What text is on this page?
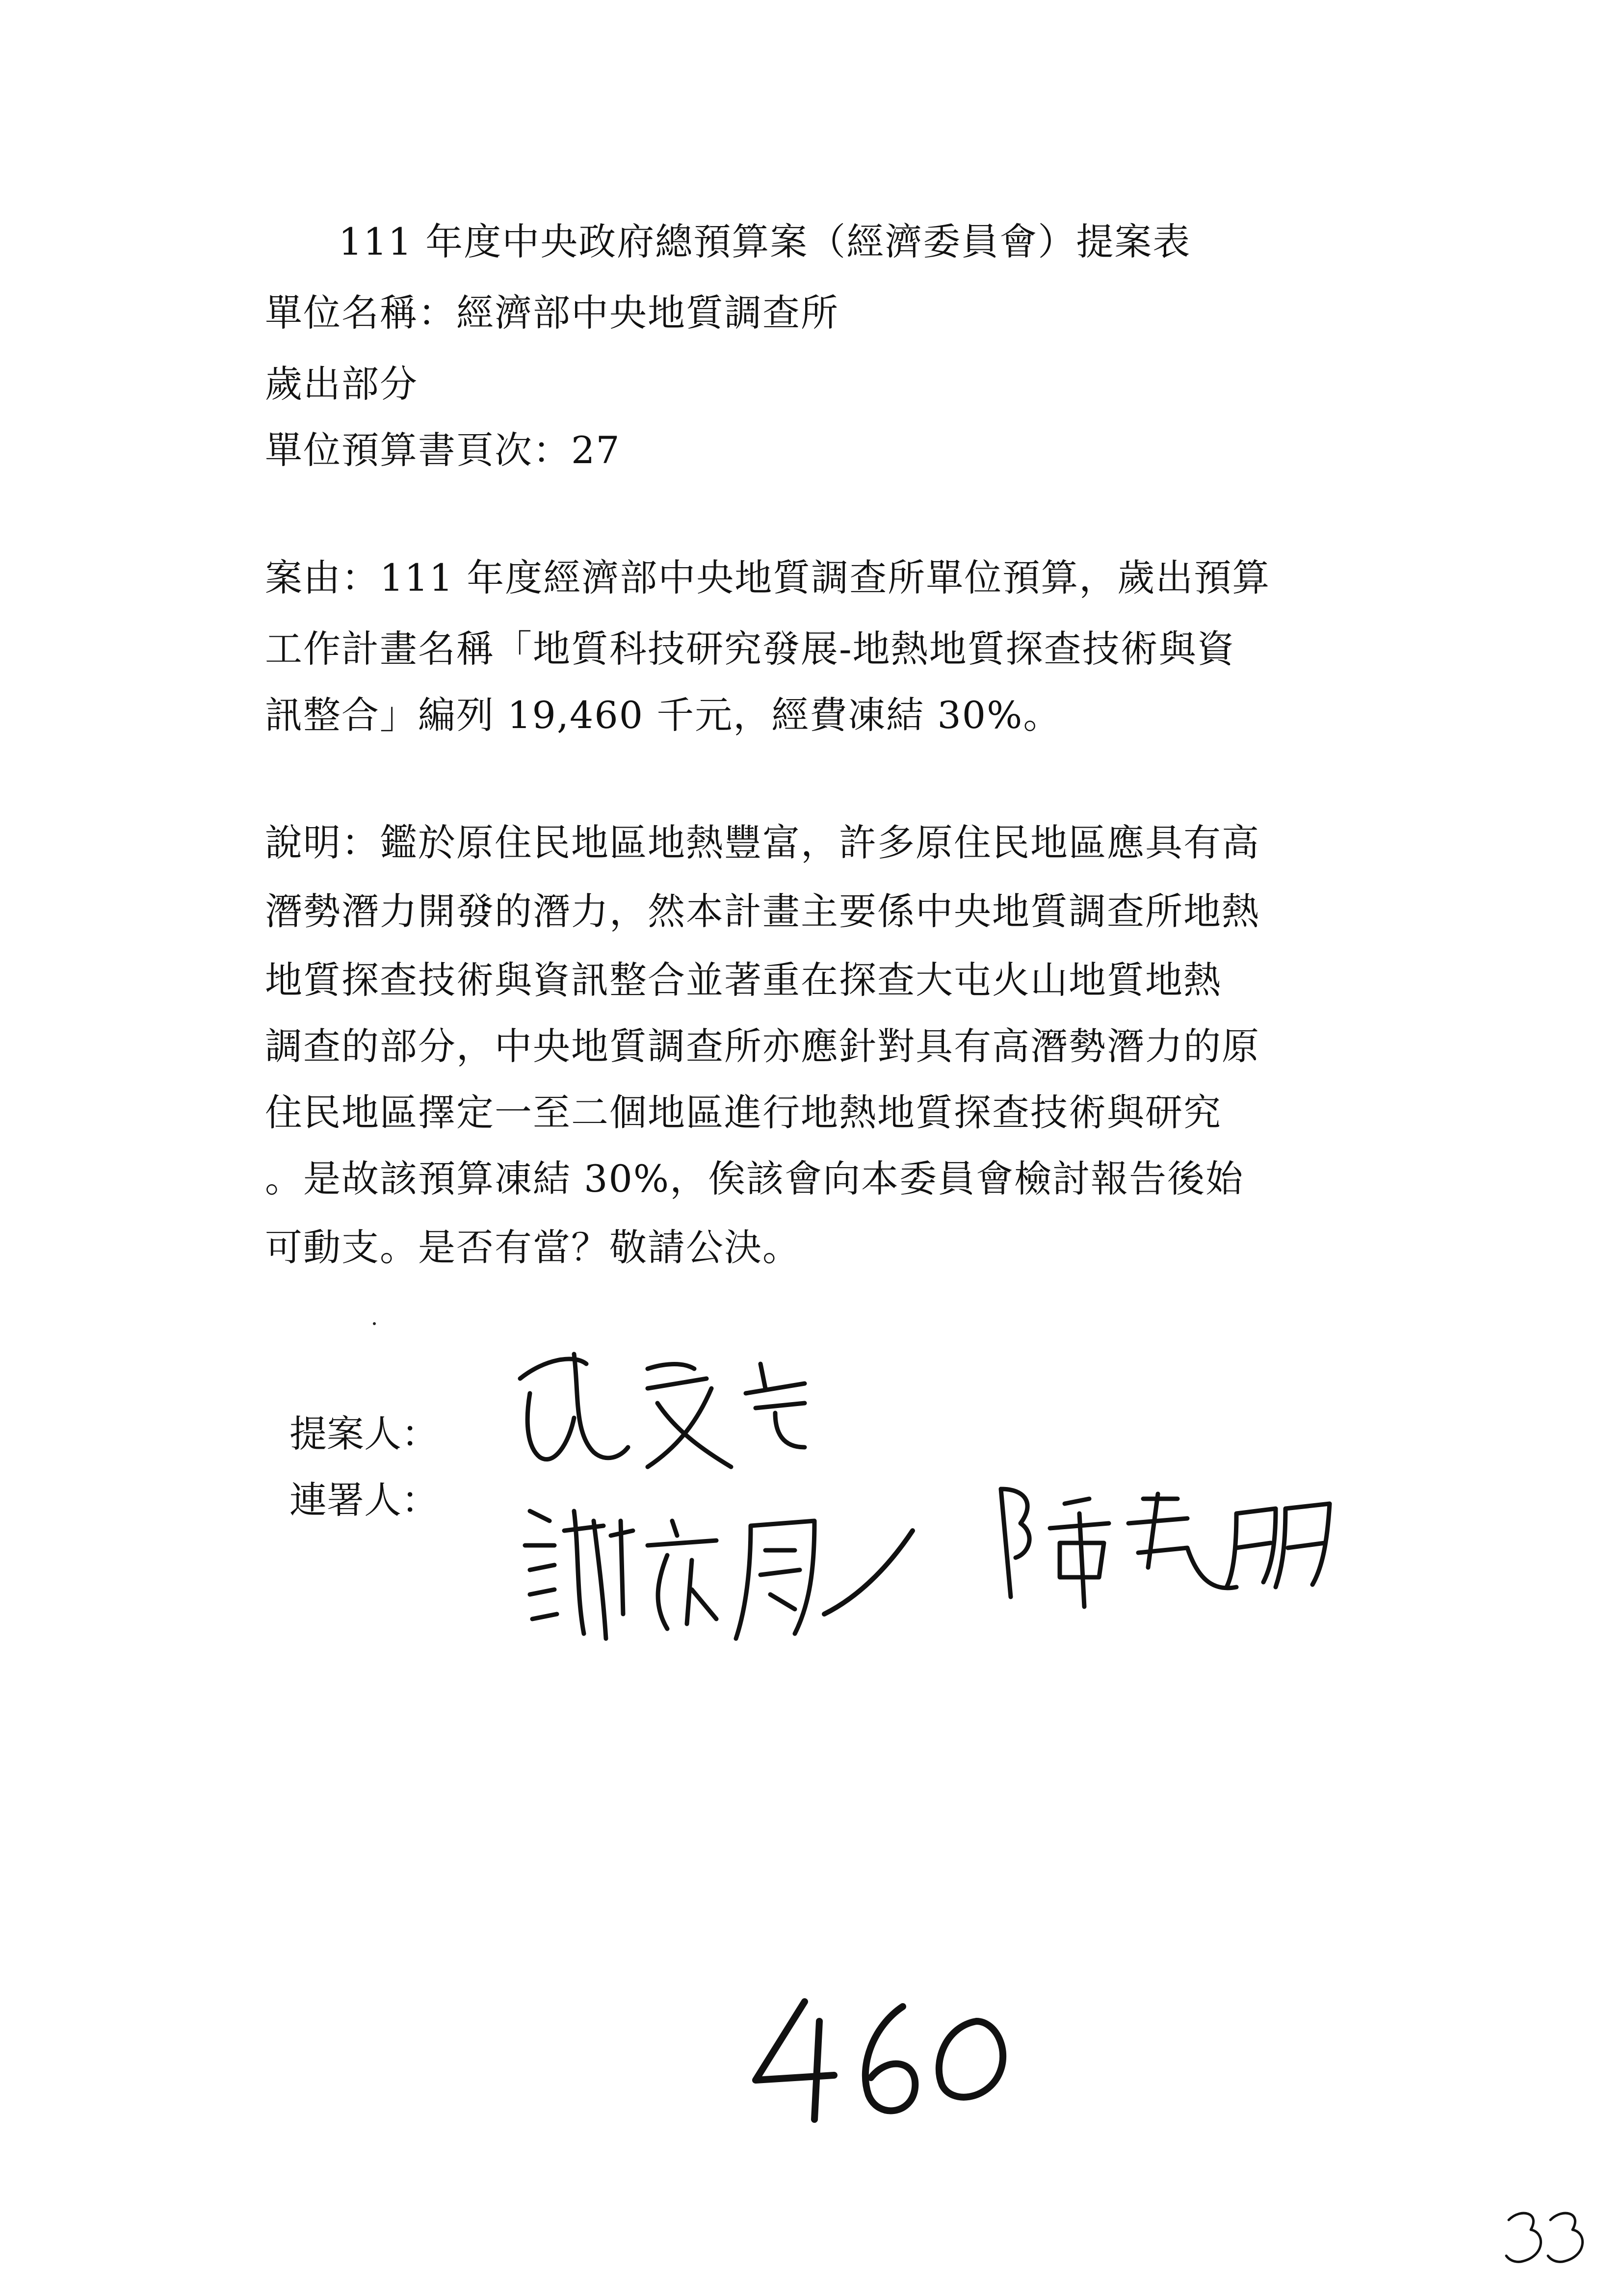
111 年度中央政府總預算案（經濟委員會）提案表
單位名稱：經濟部中央地質調查所
歲出部分
單位預算書頁次：27
案由：111 年度經濟部中央地質調查所單位預算，歲出預算
工作計畫名稱「地質科技研究發展-地熱地質探查技術與資
訊整合」編列 19,460 千元，經費凍結 30%。
說明：鑑於原住民地區地熱豐富，許多原住民地區應具有高
潛勢潛力開發的潛力，然本計畫主要係中央地質調查所地熱
地質探查技術與資訊整合並著重在探查大屯火山地質地熱
調查的部分，中央地質調查所亦應針對具有高潛勢潛力的原
住民地區擇定一至二個地區進行地熱地質探查技術與研究
。是故該預算凍結 30%，俟該會向本委員會檢討報告後始
可動支。是否有當？敬請公決。
提案人：
連署人：
460
